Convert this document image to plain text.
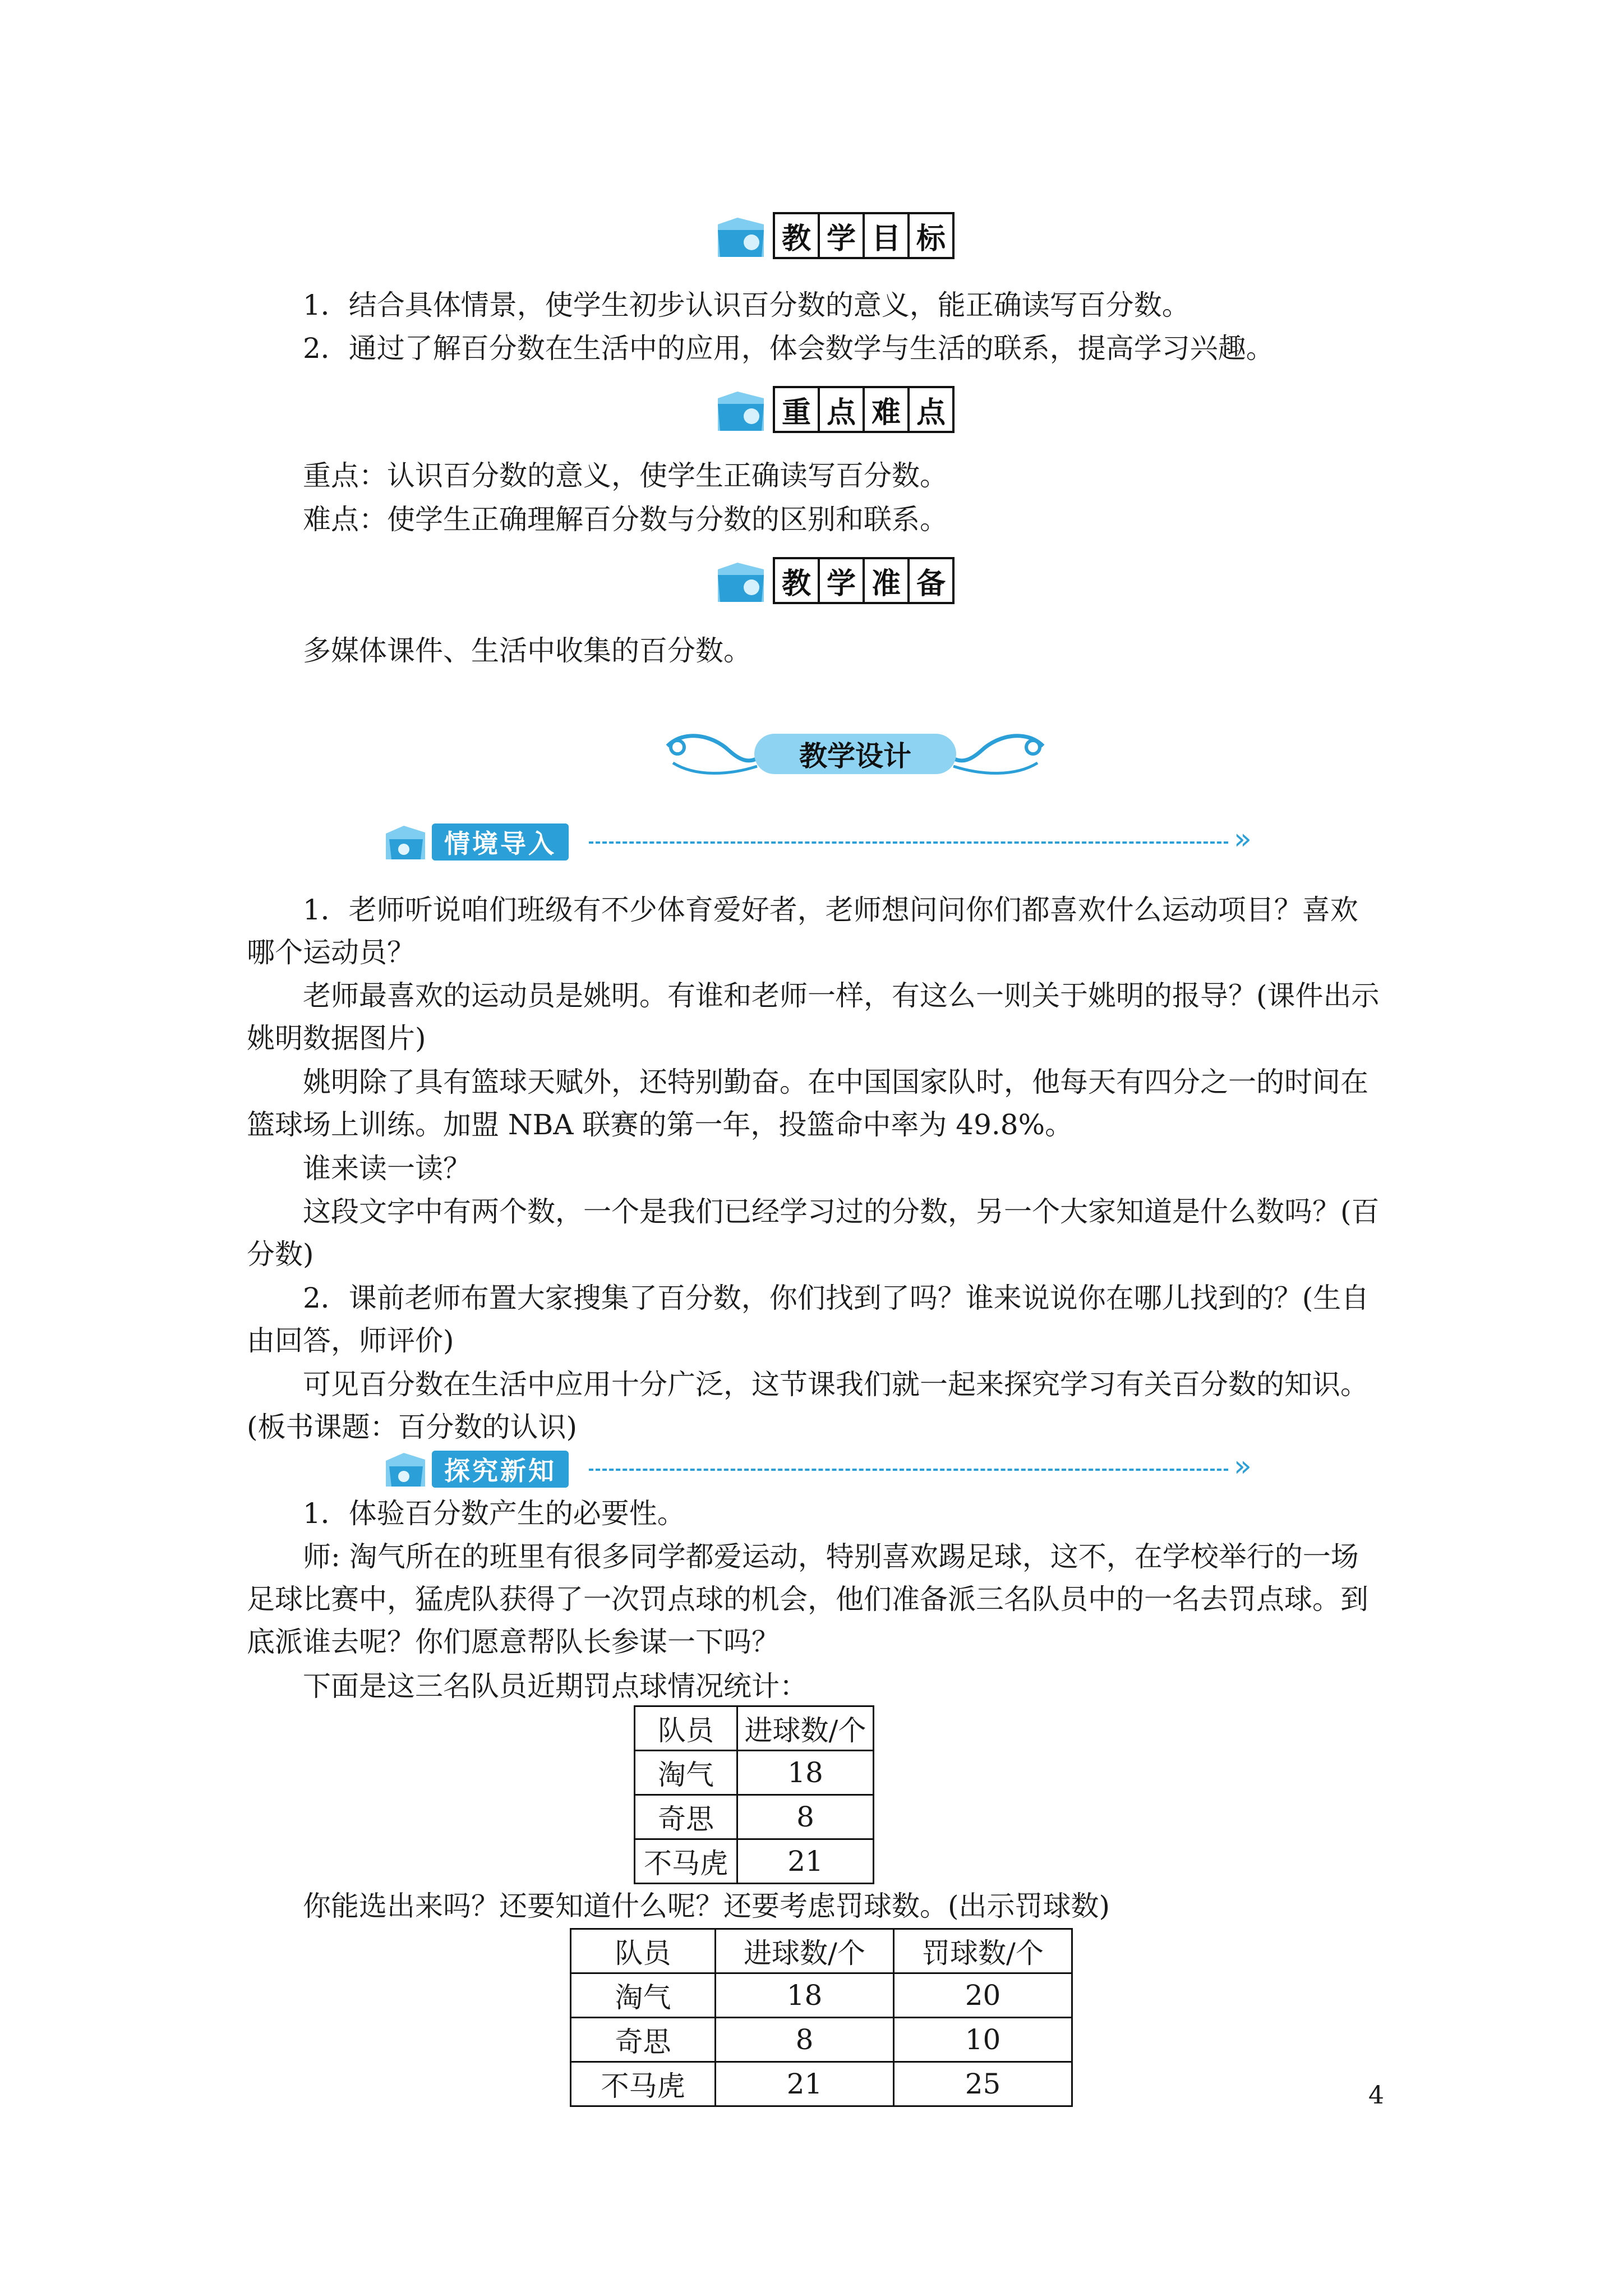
教 学 目 标
1．结合具体情景，使学生初步认识百分数的意义，能正确读写百分数。
2．通过了解百分数在生活中的应用，体会数学与生活的联系，提高学习兴趣。
重 点 难 点
重点：认识百分数的意义，使学生正确读写百分数。
难点：使学生正确理解百分数与分数的区别和联系。
教 学 准 备
多媒体课件、生活中收集的百分数。
教学设计
情境导入	»

1．老师听说咱们班级有不少体育爱好者，老师想问问你们都喜欢什么运动项目？喜欢哪个运动员？

老师最喜欢的运动员是姚明。有谁和老师一样，有这么一则关于姚明的报导？(课件出示姚明数据图片)

姚明除了具有篮球天赋外，还特别勤奋。在中国国家队时，他每天有四分之一的时间在篮球场上训练。加盟 NBA 联赛的第一年，投篮命中率为 49.8%。

谁来读一读？

这段文字中有两个数，一个是我们已经学习过的分数，另一个大家知道是什么数吗？(百分数)

2．课前老师布置大家搜集了百分数，你们找到了吗？谁来说说你在哪儿找到的？(生自由回答，师评价)

可见百分数在生活中应用十分广泛，这节课我们就一起来探究学习有关百分数的知识。(板书课题：百分数的认识)

探究新知	»

1．体验百分数产生的必要性。

师: 淘气所在的班里有很多同学都爱运动，特别喜欢踢足球，这不，在学校举行的一场足球比赛中，猛虎队获得了一次罚点球的机会，他们准备派三名队员中的一名去罚点球。到底派谁去呢？你们愿意帮队长参谋一下吗？

下面是这三名队员近期罚点球情况统计：

队员	进球数/个
淘气	18
奇思	8
不马虎	21

你能选出来吗？还要知道什么呢？还要考虑罚球数。(出示罚球数)

队员	进球数/个	罚球数/个
淘气	18	20
奇思	8	10
不马虎	21	25	4
